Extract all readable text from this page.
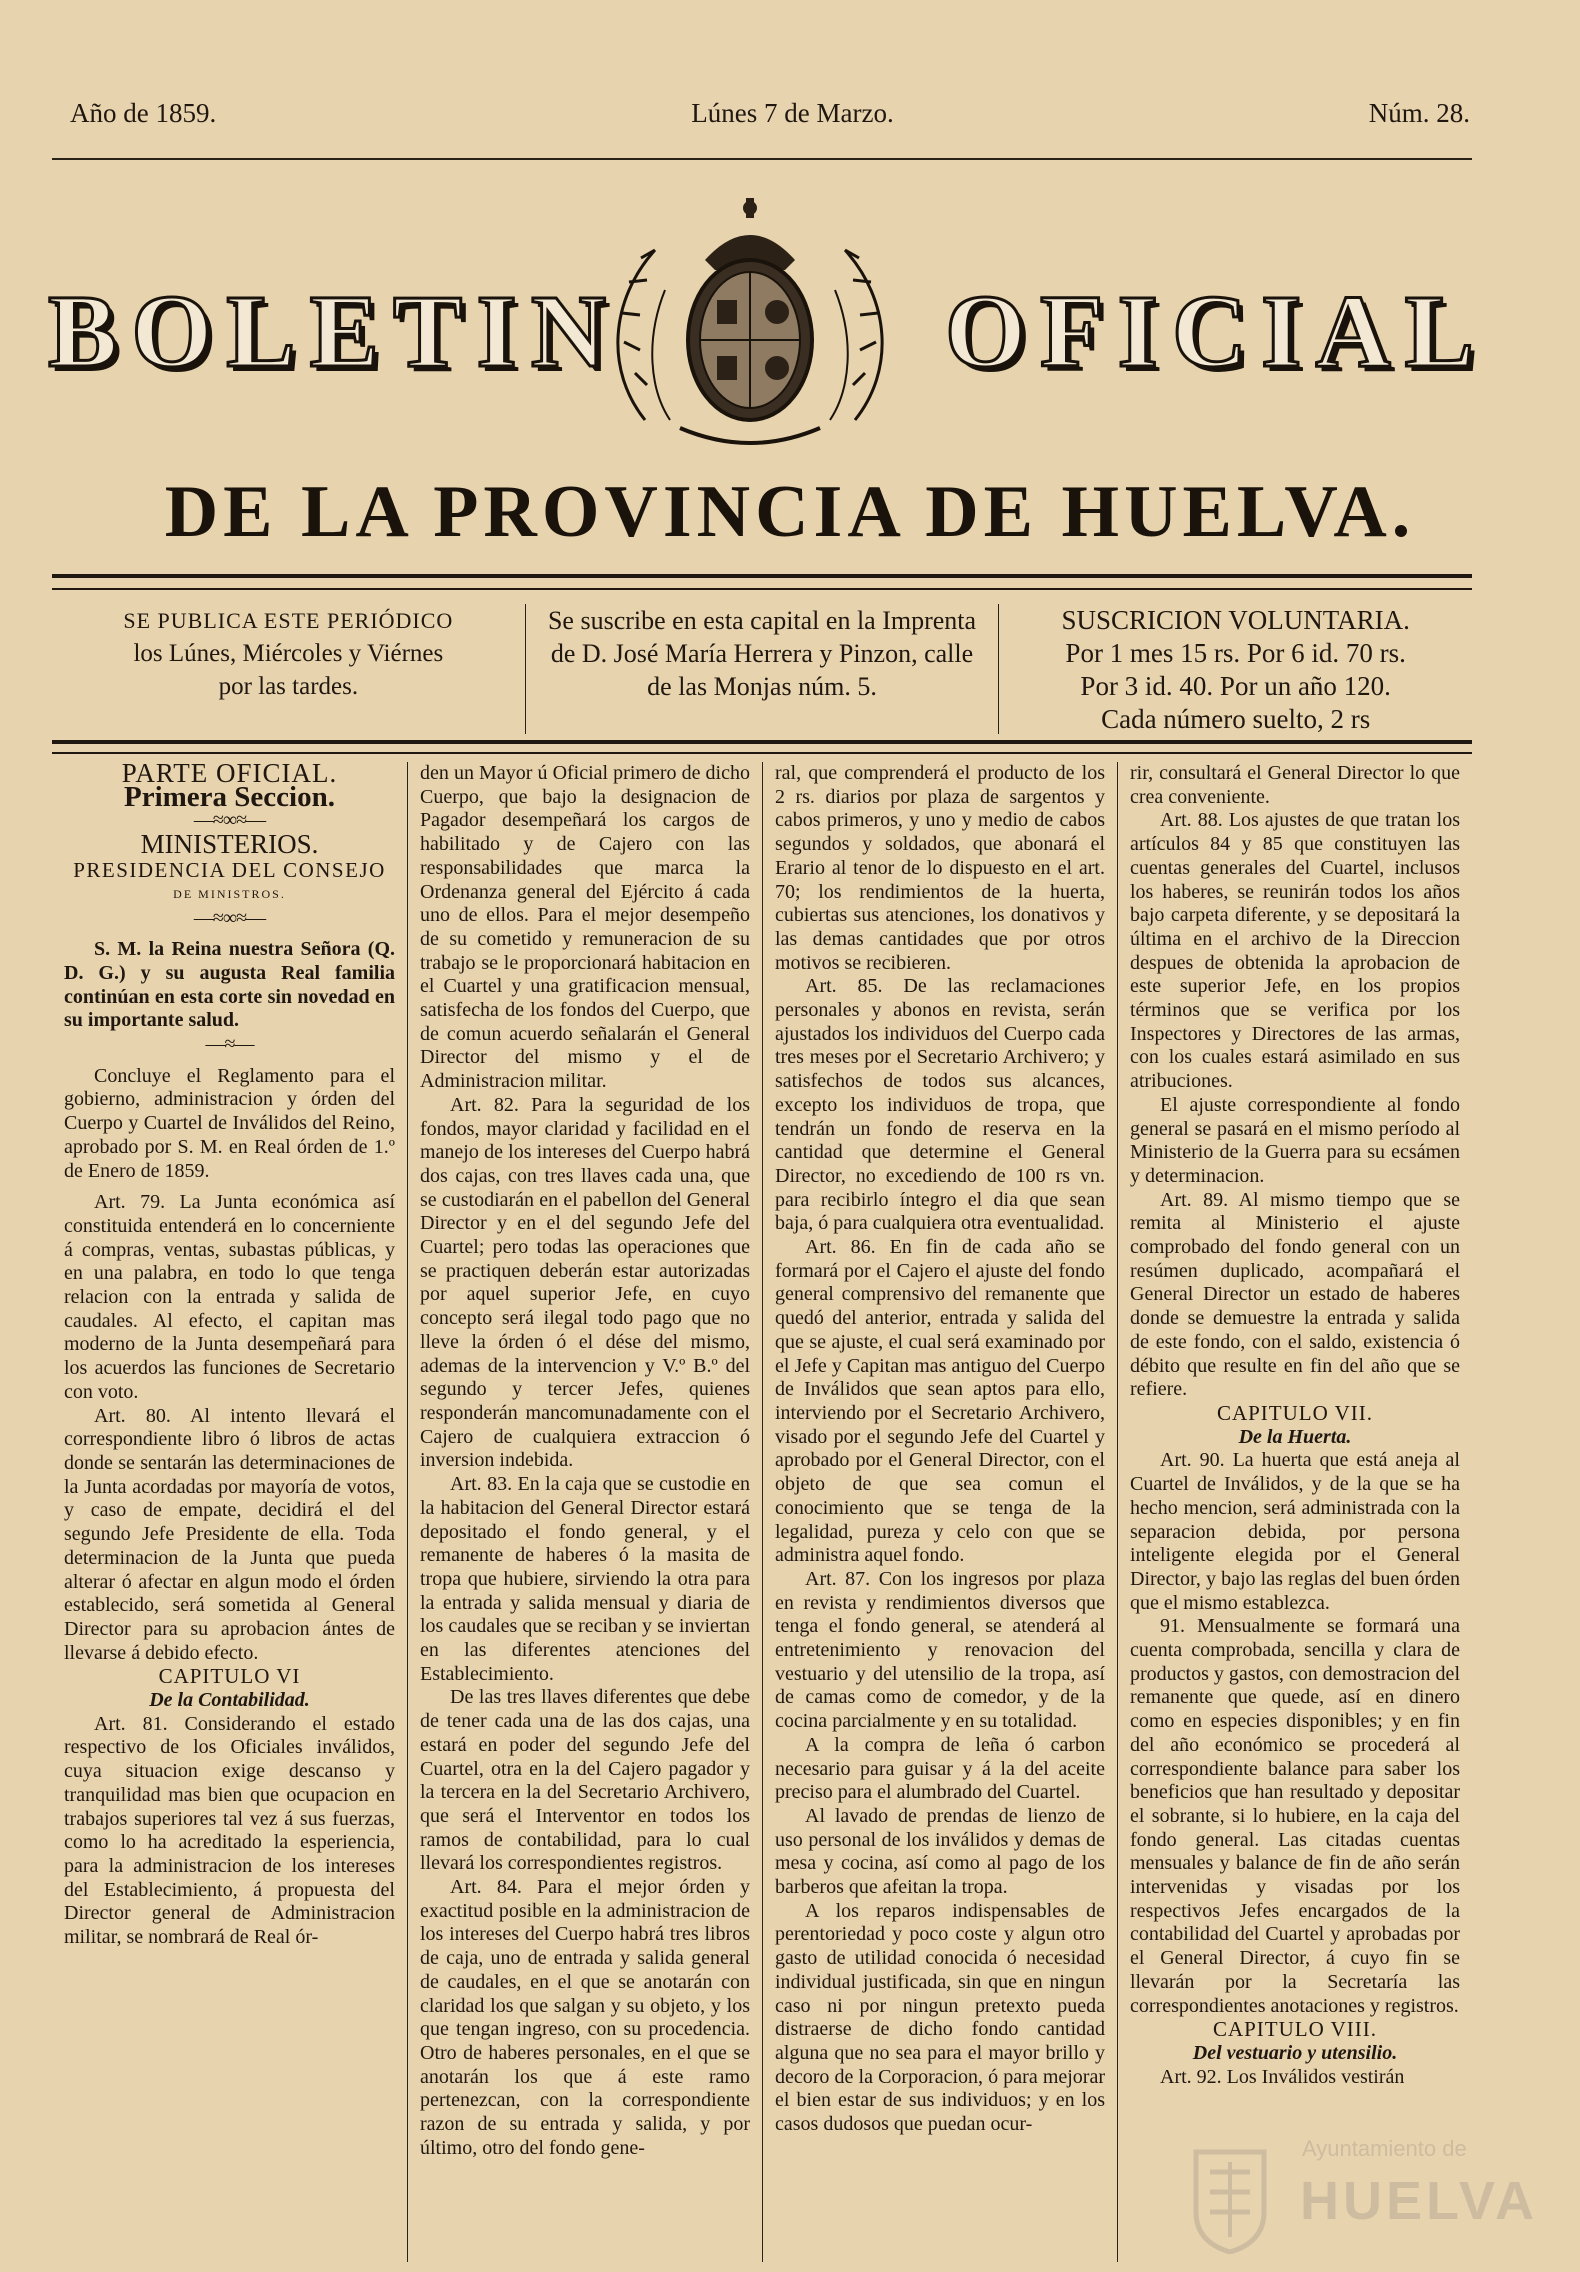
Año de 1859.	Lúnes 7 de Marzo.	Núm. 28.
BOLETIN	OFICIAL
DE LA PROVINCIA DE HUELVA.
SE PUBLICA ESTE PERIÓDICO
los Lúnes, Miércoles y Viérnes
por las tardes.
Se suscribe en esta capital en la Imprenta
de D. José María Herrera y Pinzon, calle
de las Monjas núm. 5.
SUSCRICION VOLUNTARIA.
Por 1 mes 15 rs. Por 6 id. 70 rs.
Por 3 id. 40. Por un año 120.
Cada número suelto, 2 rs

PARTE OFICIAL.

Primera Seccion.

—≈∞≈—

MINISTERIOS.

PRESIDENCIA DEL CONSEJO

DE MINISTROS.

—≈∞≈—

S. M. la Reina nuestra Señora (Q. D. G.) y su augusta Real familia continúan en esta corte sin novedad en su importante salud.

—≈—

Concluye el Reglamento para el gobierno, administracion y órden del Cuerpo y Cuartel de Inválidos del Reino, aprobado por S. M. en Real órden de 1.º de Enero de 1859.

Art. 79. La Junta económica así constituida entenderá en lo concerniente á compras, ventas, subastas públicas, y en una palabra, en todo lo que tenga relacion con la entrada y salida de caudales. Al efecto, el capitan mas moderno de la Junta desempeñará para los acuerdos las funciones de Secretario con voto.

Art. 80. Al intento llevará el correspondiente libro ó libros de actas donde se sentarán las determinaciones de la Junta acordadas por mayoría de votos, y caso de empate, decidirá el del segundo Jefe Presidente de ella. Toda determinacion de la Junta que pueda alterar ó afectar en algun modo el órden establecido, será sometida al General Director para su aprobacion ántes de llevarse á debido efecto.

CAPITULO VI

De la Contabilidad.

Art. 81. Considerando el estado respectivo de los Oficiales inválidos, cuya situacion exige descanso y tranquilidad mas bien que ocupacion en trabajos superiores tal vez á sus fuerzas, como lo ha acreditado la esperiencia, para la administracion de los intereses del Establecimiento, á propuesta del Director general de Administracion militar, se nombrará de Real ór-

den un Mayor ú Oficial primero de dicho Cuerpo, que bajo la designacion de Pagador desempeñará los cargos de habilitado y de Cajero con las responsabilidades que marca la Ordenanza general del Ejército á cada uno de ellos. Para el mejor desempeño de su cometido y remuneracion de su trabajo se le proporcionará habitacion en el Cuartel y una gratificacion mensual, satisfecha de los fondos del Cuerpo, que de comun acuerdo señalarán el General Director del mismo y el de Administracion militar.

Art. 82. Para la seguridad de los fondos, mayor claridad y facilidad en el manejo de los intereses del Cuerpo habrá dos cajas, con tres llaves cada una, que se custodiarán en el pabellon del General Director y en el del segundo Jefe del Cuartel; pero todas las operaciones que se practiquen deberán estar autorizadas por aquel superior Jefe, en cuyo concepto será ilegal todo pago que no lleve la órden ó el dése del mismo, ademas de la intervencion y V.º B.º del segundo y tercer Jefes, quienes responderán mancomunadamente con el Cajero de cualquiera extraccion ó inversion indebida.

Art. 83. En la caja que se custodie en la habitacion del General Director estará depositado el fondo general, y el remanente de haberes ó la masita de tropa que hubiere, sirviendo la otra para la entrada y salida mensual y diaria de los caudales que se reciban y se inviertan en las diferentes atenciones del Establecimiento.

De las tres llaves diferentes que debe de tener cada una de las dos cajas, una estará en poder del segundo Jefe del Cuartel, otra en la del Cajero pagador y la tercera en la del Secretario Archivero, que será el Interventor en todos los ramos de contabilidad, para lo cual llevará los correspondientes registros.

Art. 84. Para el mejor órden y exactitud posible en la administracion de los intereses del Cuerpo habrá tres libros de caja, uno de entrada y salida general de caudales, en el que se anotarán con claridad los que salgan y su objeto, y los que tengan ingreso, con su procedencia. Otro de haberes personales, en el que se anotarán los que á este ramo pertenezcan, con la correspondiente razon de su entrada y salida, y por último, otro del fondo gene-

ral, que comprenderá el producto de los 2 rs. diarios por plaza de sargentos y cabos primeros, y uno y medio de cabos segundos y soldados, que abonará el Erario al tenor de lo dispuesto en el art. 70; los rendimientos de la huerta, cubiertas sus atenciones, los donativos y las demas cantidades que por otros motivos se recibieren.

Art. 85. De las reclamaciones personales y abonos en revista, serán ajustados los individuos del Cuerpo cada tres meses por el Secretario Archivero; y satisfechos de todos sus alcances, excepto los individuos de tropa, que tendrán un fondo de reserva en la cantidad que determine el General Director, no excediendo de 100 rs vn. para recibirlo íntegro el dia que sean baja, ó para cualquiera otra eventualidad.

Art. 86. En fin de cada año se formará por el Cajero el ajuste del fondo general comprensivo del remanente que quedó del anterior, entrada y salida del que se ajuste, el cual será examinado por el Jefe y Capitan mas antiguo del Cuerpo de Inválidos que sean aptos para ello, interviendo por el Secretario Archivero, visado por el segundo Jefe del Cuartel y aprobado por el General Director, con el objeto de que sea comun el conocimiento que se tenga de la legalidad, pureza y celo con que se administra aquel fondo.

Art. 87. Con los ingresos por plaza en revista y rendimientos diversos que tenga el fondo general, se atenderá al entretenimiento y renovacion del vestuario y del utensilio de la tropa, así de camas como de comedor, y de la cocina parcialmente y en su totalidad.

A la compra de leña ó carbon necesario para guisar y á la del aceite preciso para el alumbrado del Cuartel.

Al lavado de prendas de lienzo de uso personal de los inválidos y demas de mesa y cocina, así como al pago de los barberos que afeitan la tropa.

A los reparos indispensables de perentoriedad y poco coste y algun otro gasto de utilidad conocida ó necesidad individual justificada, sin que en ningun caso ni por ningun pretexto pueda distraerse de dicho fondo cantidad alguna que no sea para el mayor brillo y decoro de la Corporacion, ó para mejorar el bien estar de sus individuos; y en los casos dudosos que puedan ocur-

rir, consultará el General Director lo que crea conveniente.

Art. 88. Los ajustes de que tratan los artículos 84 y 85 que constituyen las cuentas generales del Cuartel, inclusos los haberes, se reunirán todos los años bajo carpeta diferente, y se depositará la última en el archivo de la Direccion despues de obtenida la aprobacion de este superior Jefe, en los propios términos que se verifica por los Inspectores y Directores de las armas, con los cuales estará asimilado en sus atribuciones.

El ajuste correspondiente al fondo general se pasará en el mismo período al Ministerio de la Guerra para su ecsámen y determinacion.

Art. 89. Al mismo tiempo que se remita al Ministerio el ajuste comprobado del fondo general con un resúmen duplicado, acompañará el General Director un estado de haberes donde se demuestre la entrada y salida de este fondo, con el saldo, existencia ó débito que resulte en fin del año que se refiere.

CAPITULO VII.

De la Huerta.

Art. 90. La huerta que está aneja al Cuartel de Inválidos, y de la que se ha hecho mencion, será administrada con la separacion debida, por persona inteligente elegida por el General Director, y bajo las reglas del buen órden que el mismo establezca.

91. Mensualmente se formará una cuenta comprobada, sencilla y clara de productos y gastos, con demostracion del remanente que quede, así en dinero como en especies disponibles; y en fin del año económico se procederá al correspondiente balance para saber los beneficios que han resultado y depositar el sobrante, si lo hubiere, en la caja del fondo general. Las citadas cuentas mensuales y balance de fin de año serán intervenidas y visadas por los respectivos Jefes encargados de la contabilidad del Cuartel y aprobadas por el General Director, á cuyo fin se llevarán por la Secretaría las correspondientes anotaciones y registros.

CAPITULO VIII.

Del vestuario y utensilio.

Art. 92. Los Inválidos vestirán

Ayuntamiento de
HUELVA
